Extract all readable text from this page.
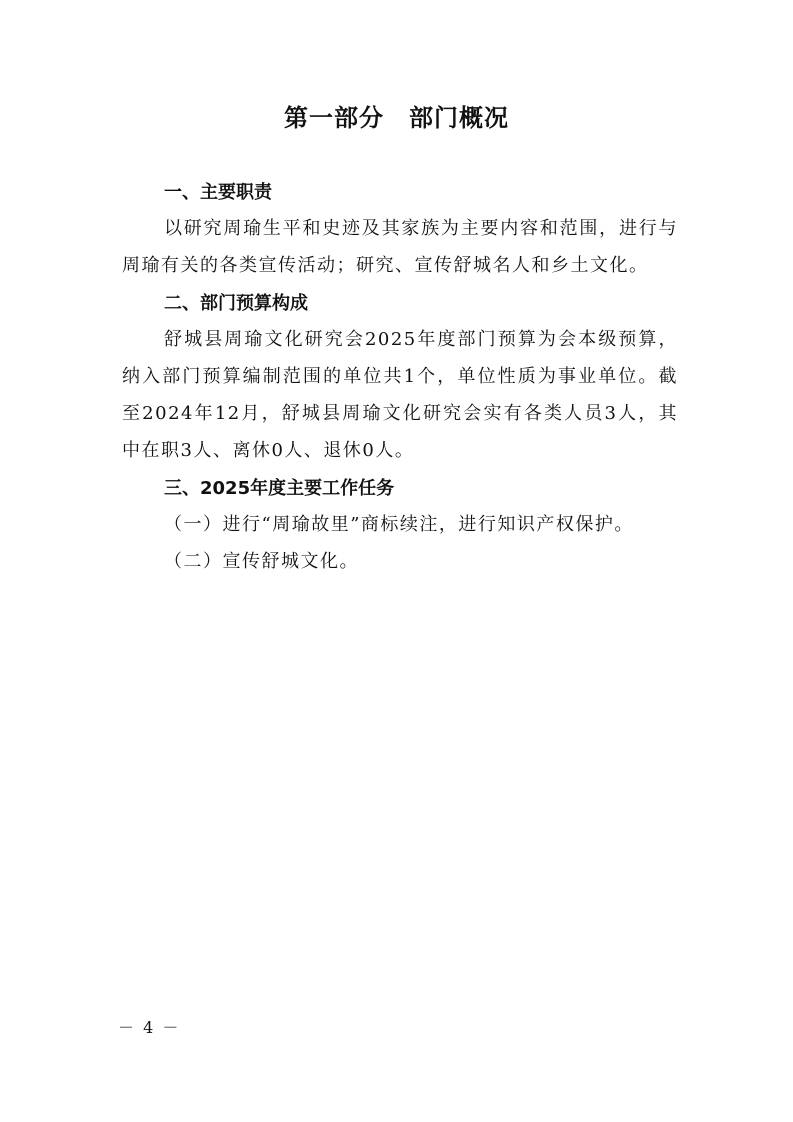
第一部分　部门概况

一、主要职责

以研究周瑜生平和史迹及其家族为主要内容和范围，进行与周瑜有关的各类宣传活动；研究、宣传舒城名人和乡土文化。

二、部门预算构成

舒城县周瑜文化研究会2025年度部门预算为会本级预算，纳入部门预算编制范围的单位共1个，单位性质为事业单位。截至2024年12月，舒城县周瑜文化研究会实有各类人员3人，其中在职3人、离休0人、退休0人。

三、2025年度主要工作任务

（一）进行“周瑜故里”商标续注，进行知识产权保护。

（二）宣传舒城文化。

－ 4 －
